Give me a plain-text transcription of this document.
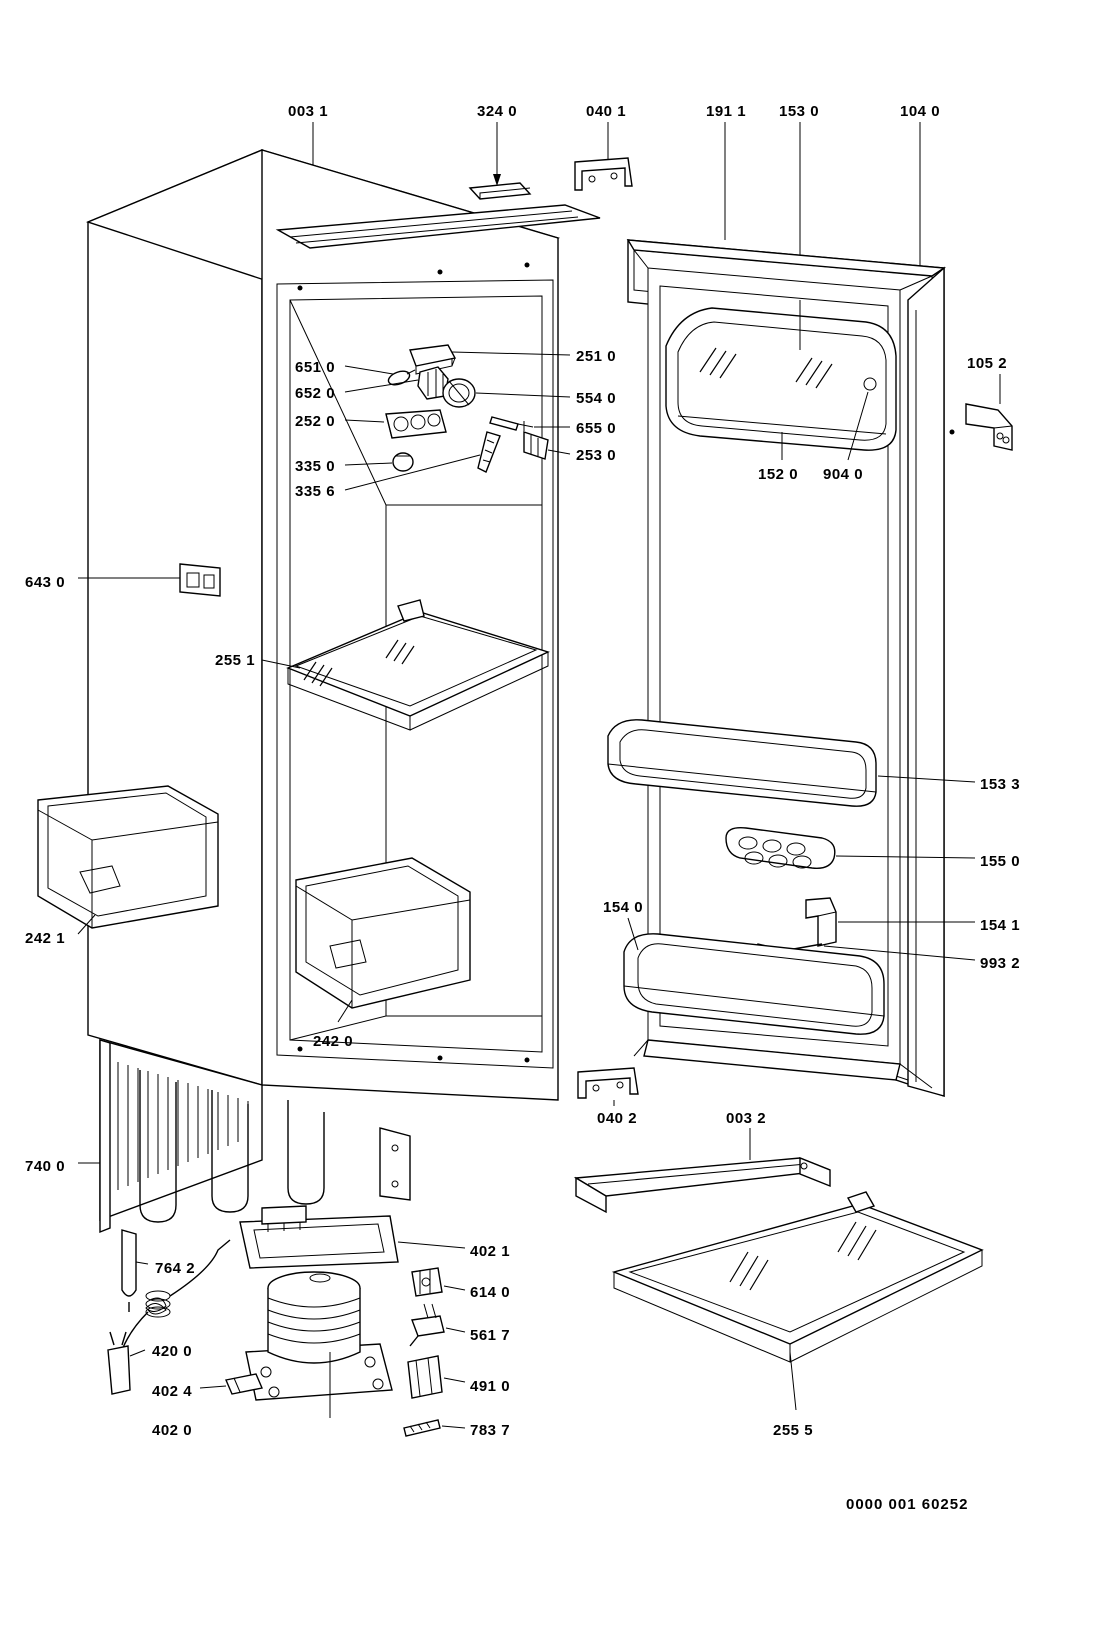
003 1	324 0	040 1	191 1 153 0	104 0
105 2
651 0
251 0
652 0	554 0
252 0	655 0
253 0
335 0
335 6
152 0 904 0
643 0
255 1
153 3
155 0
242 1
154 0
154 1
993 2
242 0
040 2	003 2
740 0
402 1
764 2
614 0
561 7
420 0
402 4	491 0
402 0	783 7	255 5
0000 001 60252
